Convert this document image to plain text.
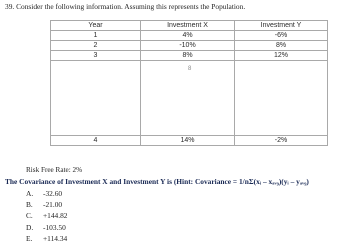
39. Consider the following information. Assuming this represents the Population.
Year	Investment X	Investment Y
1	4%	-6%
2	-10%	8%
3	8%	12%

4	14%	-2%
8
Risk Free Rate: 2%
The Covariance of Investment X and Investment Y is (Hint: Covariance = 1/nΣ(xᵢ – xₐᵥ₉)(yᵢ – yₐᵥ₉)
A. -32.60
B. -21.00
C. +144.82
D. -103.50
E. +114.34
